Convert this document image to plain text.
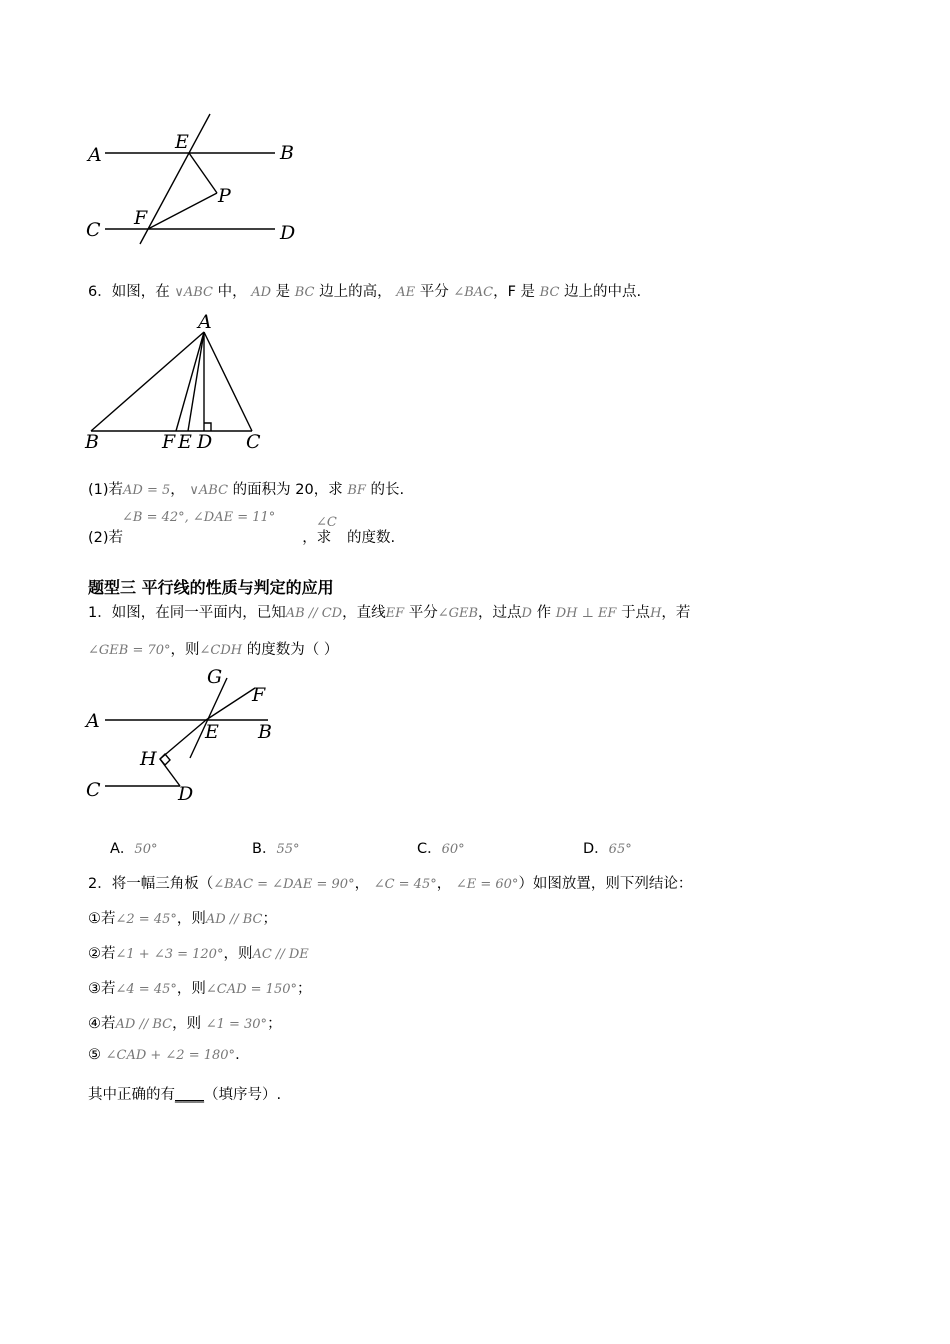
A
E	B
P
C
F
D
6．如图，在 ∨ABC 中， AD 是 BC 边上的高， AE 平分 ∠BAC，F 是 BC 边上的中点.
A
B	F E D C
(1)若AD = 5， ∨ABC 的面积为 20，求 BF 的长.
∠B = 42°, ∠DAE = 11°
(2)若	，求
∠C
的度数.
题型三 平行线的性质与判定的应用
1．如图，在同一平面内，已知AB // CD，直线EF 平分∠GEB，过点D 作 DH ⊥ EF 于点H，若
∠GEB = 70°，则∠CDH 的度数为（ ）
G
F
A	E B
H
C	D
A．50°	B．55°	C．60°	D．65°
2．将一幅三角板（∠BAC = ∠DAE = 90°， ∠C = 45°， ∠E = 60°）如图放置，则下列结论：
①若∠2 = 45°，则AD // BC；
②若∠1 + ∠3 = 120°，则AC // DE
③若∠4 = 45°，则∠CAD = 150°；
④若AD // BC，则 ∠1 = 30°；
⑤ ∠CAD + ∠2 = 180°.
其中正确的有____（填序号）.
